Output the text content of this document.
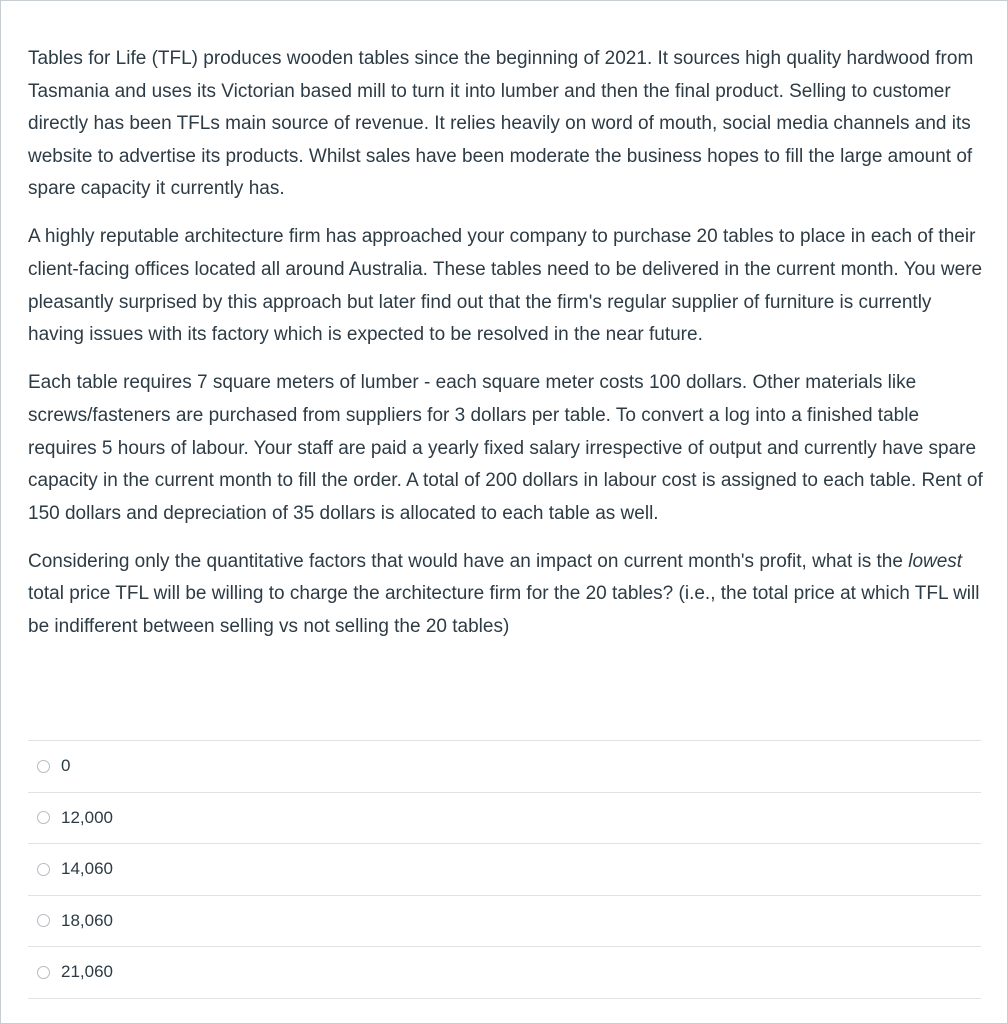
Tables for Life (TFL) produces wooden tables since the beginning of 2021. It sources high quality hardwood from Tasmania and uses its Victorian based mill to turn it into lumber and then the final product. Selling to customer directly has been TFLs main source of revenue. It relies heavily on word of mouth, social media channels and its website to advertise its products. Whilst sales have been moderate the business hopes to fill the large amount of spare capacity it currently has.

A highly reputable architecture firm has approached your company to purchase 20 tables to place in each of their client-facing offices located all around Australia. These tables need to be delivered in the current month. You were pleasantly surprised by this approach but later find out that the firm's regular supplier of furniture is currently having issues with its factory which is expected to be resolved in the near future.

Each table requires 7 square meters of lumber - each square meter costs 100 dollars. Other materials like screws/fasteners are purchased from suppliers for 3 dollars per table. To convert a log into a finished table requires 5 hours of labour. Your staff are paid a yearly fixed salary irrespective of output and currently have spare capacity in the current month to fill the order. A total of 200 dollars in labour cost is assigned to each table. Rent of 150 dollars and depreciation of 35 dollars is allocated to each table as well.

Considering only the quantitative factors that would have an impact on current month's profit, what is the lowest total price TFL will be willing to charge the architecture firm for the 20 tables? (i.e., the total price at which TFL will be indifferent between selling vs not selling the 20 tables)

0
12,000
14,060
18,060
21,060
